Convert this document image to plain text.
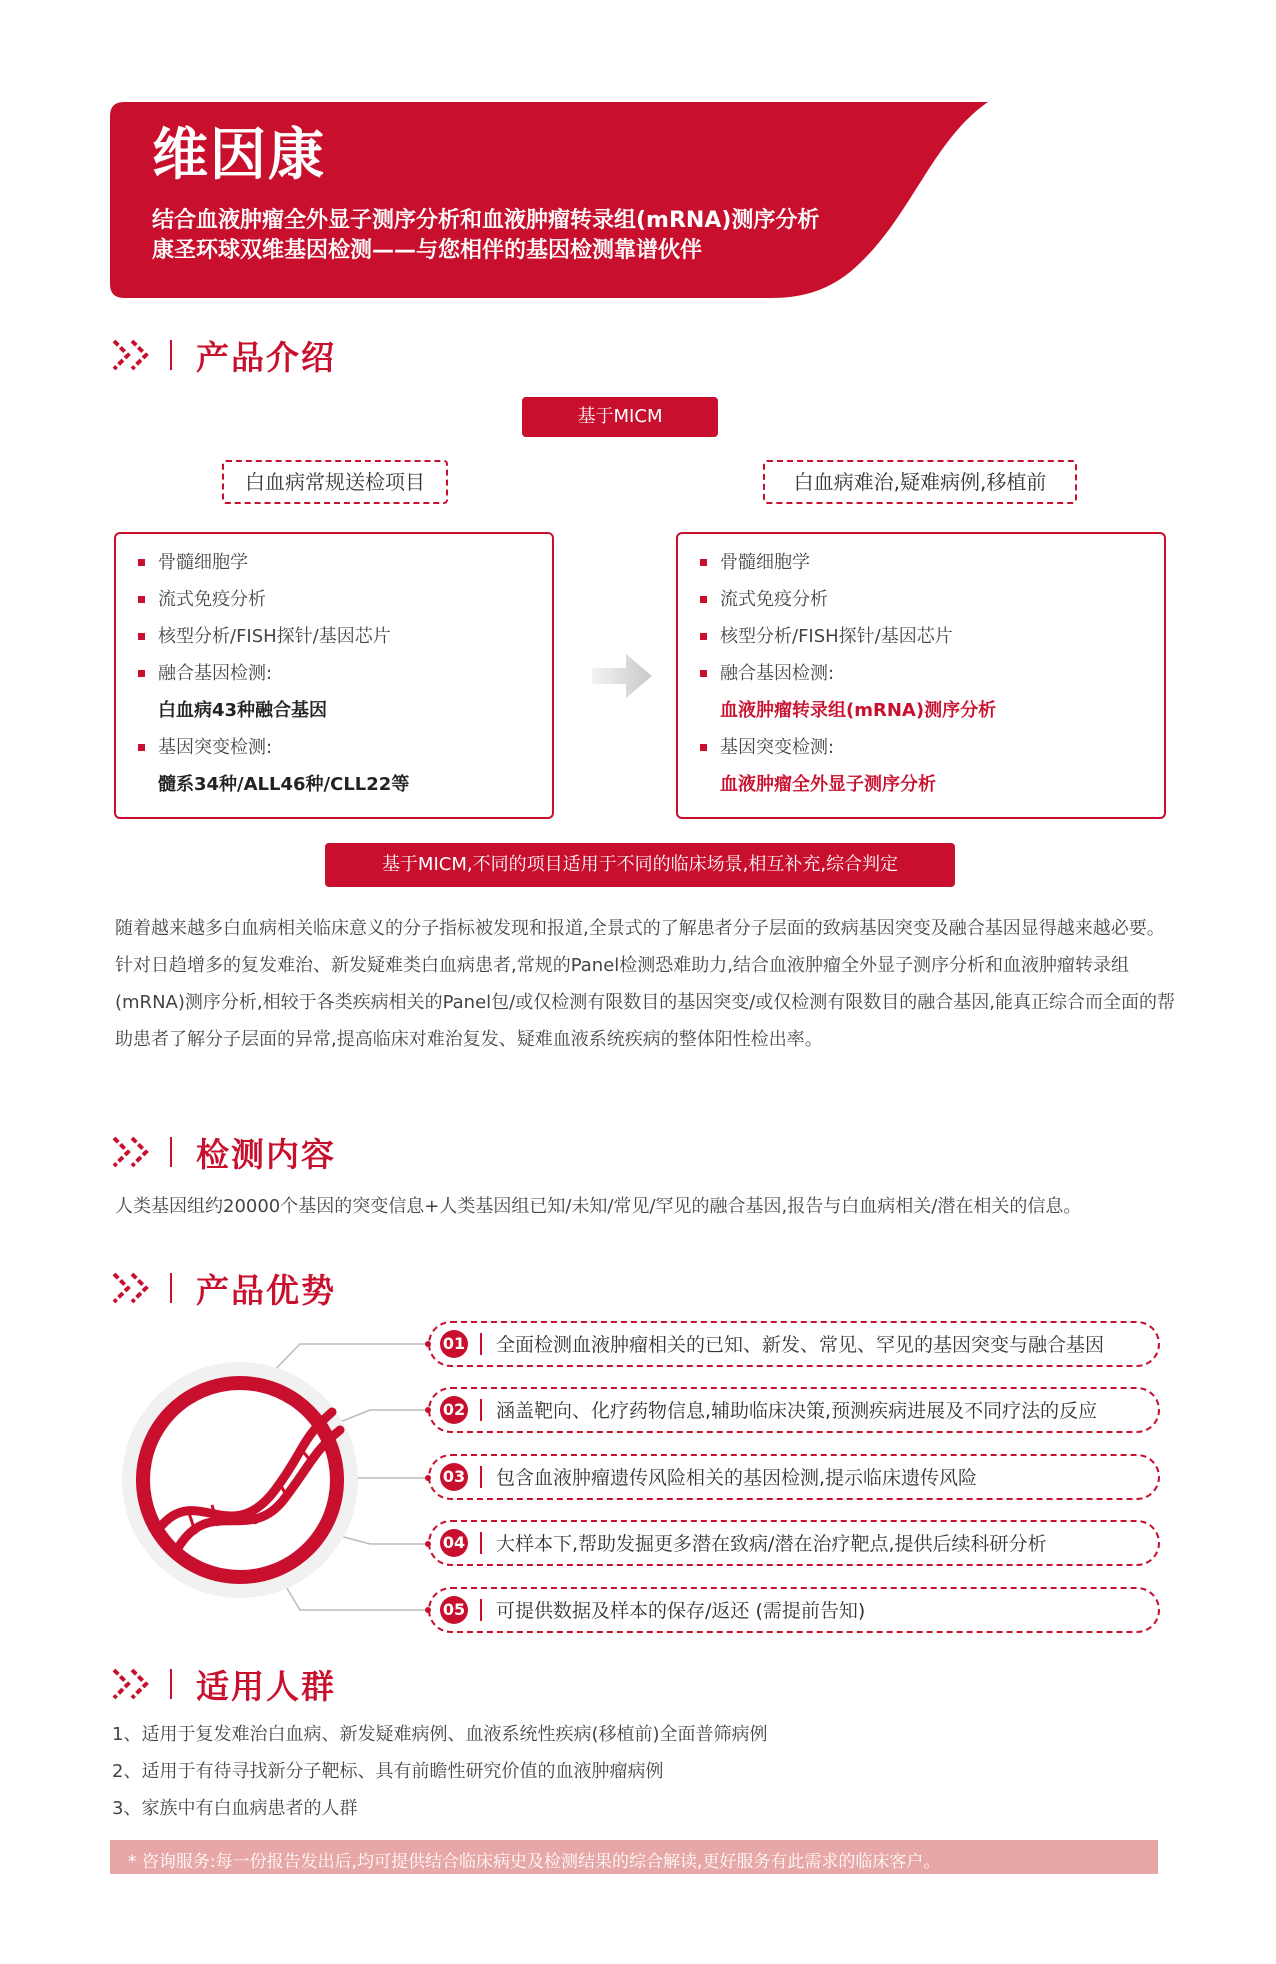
维因康
结合血液肿瘤全外显子测序分析和血液肿瘤转录组(mRNA)测序分析
康圣环球双维基因检测——与您相伴的基因检测靠谱伙伴
产品介绍
基于MICM
白血病常规送检项目	白血病难治,疑难病例,移植前
骨髓细胞学
流式免疫分析
核型分析/FISH探针/基因芯片
融合基因检测:
白血病43种融合基因
基因突变检测:
髓系34种/ALL46种/CLL22等
骨髓细胞学
流式免疫分析
核型分析/FISH探针/基因芯片
融合基因检测:
血液肿瘤转录组(mRNA)测序分析
基因突变检测:
血液肿瘤全外显子测序分析
基于MICM,不同的项目适用于不同的临床场景,相互补充,综合判定

随着越来越多白血病相关临床意义的分子指标被发现和报道,全景式的了解患者分子层面的致病基因突变及融合基因显得越来越必要。

针对日趋增多的复发难治、新发疑难类白血病患者,常规的Panel检测恐难助力,结合血液肿瘤全外显子测序分析和血液肿瘤转录组(mRNA)测序分析,相较于各类疾病相关的Panel包/或仅检测有限数目的基因突变/或仅检测有限数目的融合基因,能真正综合而全面的帮助患者了解分子层面的异常,提高临床对难治复发、疑难血液系统疾病的整体阳性检出率。

检测内容
人类基因组约20000个基因的突变信息+人类基因组已知/未知/常见/罕见的融合基因,报告与白血病相关/潜在相关的信息。
产品优势
01 全面检测血液肿瘤相关的已知、新发、常见、罕见的基因突变与融合基因
02 涵盖靶向、化疗药物信息,辅助临床决策,预测疾病进展及不同疗法的反应
03 包含血液肿瘤遗传风险相关的基因检测,提示临床遗传风险
04 大样本下,帮助发掘更多潜在致病/潜在治疗靶点,提供后续科研分析
05 可提供数据及样本的保存/返还 (需提前告知)
适用人群
1、适用于复发难治白血病、新发疑难病例、血液系统性疾病(移植前)全面普筛病例
2、适用于有待寻找新分子靶标、具有前瞻性研究价值的血液肿瘤病例
3、家族中有白血病患者的人群
* 咨询服务:每一份报告发出后,均可提供结合临床病史及检测结果的综合解读,更好服务有此需求的临床客户。
